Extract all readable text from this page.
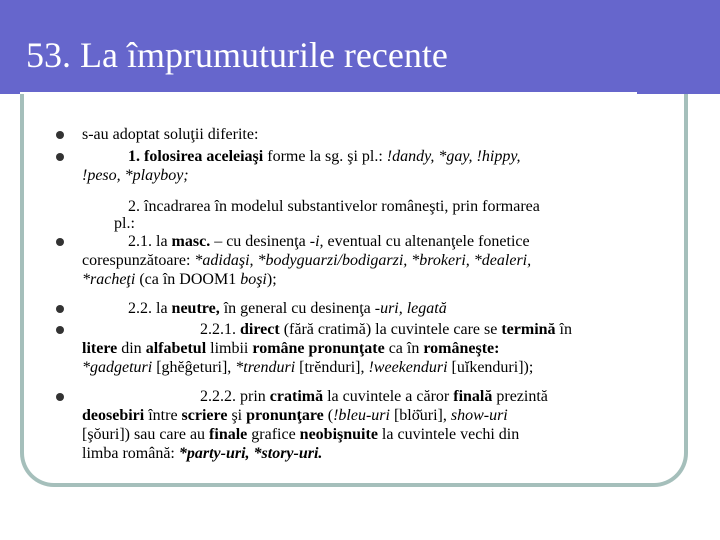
53. La împrumuturile recente
s-au adoptat soluţii diferite:
1. folosirea aceleiaşi forme la sg. şi pl.: !dandy, *gay, !hippy,
!peso, *playboy;
2. încadrarea în modelul substantivelor româneşti, prin formarea
pl.:
2.1. la masc. – cu desinenţa -i, eventual cu altenanţele fonetice
corespunzătoare: *adidaşi, *bodyguarzi/bodigarzi, *brokeri, *dealeri,
*racheţi (ca în DOOM1 boşi);
2.2. la neutre, în general cu desinenţa -uri, legată
2.2.1. direct (fără cratimă) la cuvintele care se termină în
litere din alfabetul limbii române pronunţate ca în româneşte:
*gadgeturi [ghĕĝeturi], *trenduri [trĕnduri], !weekenduri [uĭkenduri]);
2.2.2. prin cratimă la cuvintele a căror finală prezintă
deosebiri între scriere şi pronunţare (!bleu-uri [blö̆uri], show-uri
[şŏuri]) sau care au finale grafice neobişnuite la cuvintele vechi din
limba română: *party-uri, *story-uri.
